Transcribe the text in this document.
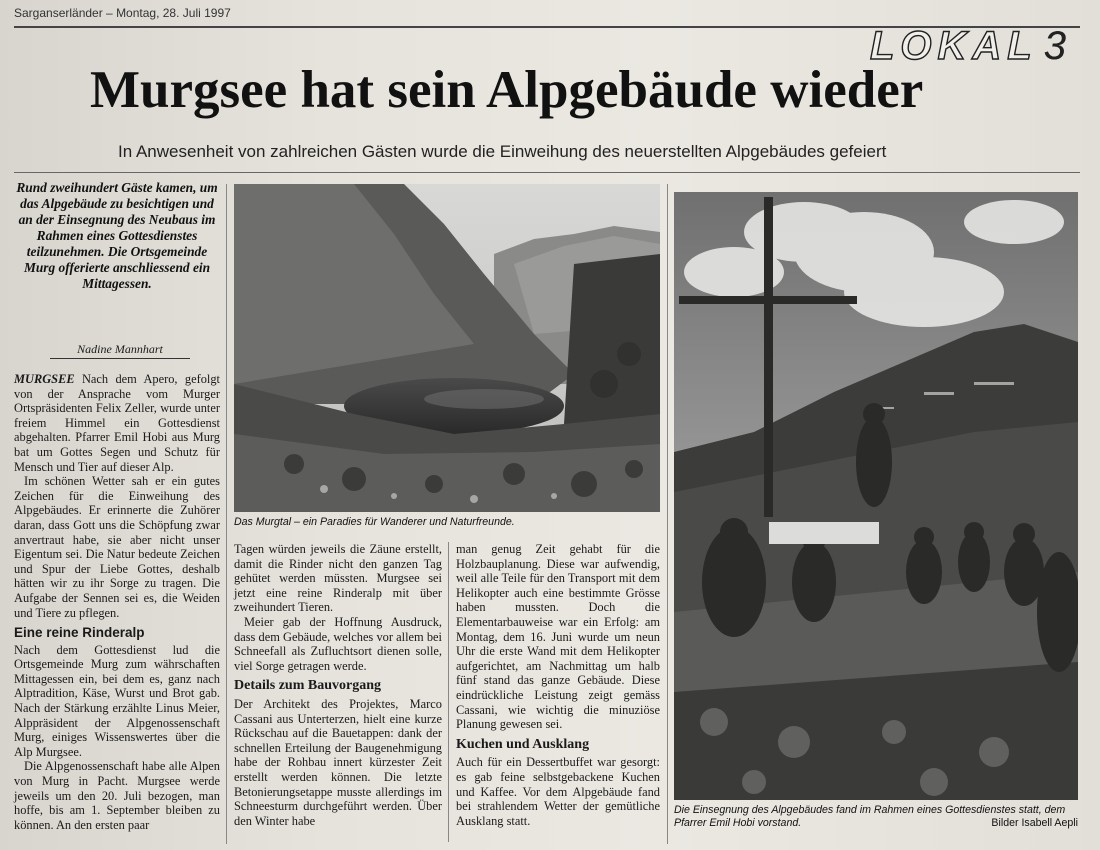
Sarganserländer – Montag, 28. Juli 1997
LOKAL 3
Murgsee hat sein Alpgebäude wieder
In Anwesenheit von zahlreichen Gästen wurde die Einweihung des neuerstellten Alpgebäudes gefeiert
Rund zweihundert Gäste kamen, um das Alpgebäude zu besichtigen und an der Einsegnung des Neubaus im Rahmen eines Gottesdienstes teilzunehmen. Die Ortsgemeinde Murg offerierte anschliessend ein Mittagessen.
Nadine Mannhart

MURGSEE Nach dem Apero, gefolgt von der Ansprache vom Murger Ortspräsidenten Felix Zeller, wurde unter freiem Himmel ein Gottesdienst abgehalten. Pfarrer Emil Hobi aus Murg bat um Gottes Segen und Schutz für Mensch und Tier auf dieser Alp.

Im schönen Wetter sah er ein gutes Zeichen für die Einweihung des Alpgebäudes. Er erinnerte die Zuhörer daran, dass Gott uns die Schöpfung zwar anvertraut habe, sie aber nicht unser Eigentum sei. Die Natur bedeute Zeichen und Spur der Liebe Gottes, deshalb hätten wir zu ihr Sorge zu tragen. Die Aufgabe der Sennen sei es, die Weiden und Tiere zu pflegen.

Eine reine Rinderalp

Nach dem Gottesdienst lud die Ortsgemeinde Murg zum währschaften Mittagessen ein, bei dem es, ganz nach Alptradition, Käse, Wurst und Brot gab. Nach der Stärkung erzählte Linus Meier, Alppräsident der Alpgenossenschaft Murg, einiges Wissenswertes über die Alp Murgsee.

Die Alpgenossenschaft habe alle Alpen von Murg in Pacht. Murgsee werde jeweils um den 20. Juli bezogen, man hoffe, bis am 1. September bleiben zu können. An den ersten paar

Das Murgtal – ein Paradies für Wanderer und Naturfreunde.

Tagen würden jeweils die Zäune erstellt, damit die Rinder nicht den ganzen Tag gehütet werden müssten. Murgsee sei jetzt eine reine Rinderalp mit über zweihundert Tieren.

Meier gab der Hoffnung Ausdruck, dass dem Gebäude, welches vor allem bei Schneefall als Zufluchtsort dienen solle, viel Sorge getragen werde.

Details zum Bauvorgang

Der Architekt des Projektes, Marco Cassani aus Unterterzen, hielt eine kurze Rückschau auf die Bauetappen: dank der schnellen Erteilung der Baugenehmigung habe der Rohbau innert kürzester Zeit erstellt werden können. Die letzte Betonierungsetappe musste allerdings im Schneesturm durchgeführt werden. Über den Winter habe

man genug Zeit gehabt für die Holzbauplanung. Diese war aufwendig, weil alle Teile für den Transport mit dem Helikopter auch eine bestimmte Grösse haben mussten. Doch die Elementarbauweise war ein Erfolg: am Montag, dem 16. Juni wurde um neun Uhr die erste Wand mit dem Helikopter aufgerichtet, am Nachmittag um halb fünf stand das ganze Gebäude. Diese eindrückliche Leistung zeigt gemäss Cassani, wie wichtig die minuziöse Planung gewesen sei.

Kuchen und Ausklang

Auch für ein Dessertbuffet war gesorgt: es gab feine selbstgebackene Kuchen und Kaffee. Vor dem Alpgebäude fand bei strahlendem Wetter der gemütliche Ausklang statt.

Die Einsegnung des Alpgebäudes fand im Rahmen eines Gottesdienstes statt, dem Pfarrer Emil Hobi vorstand.	Bilder Isabell Aepli
